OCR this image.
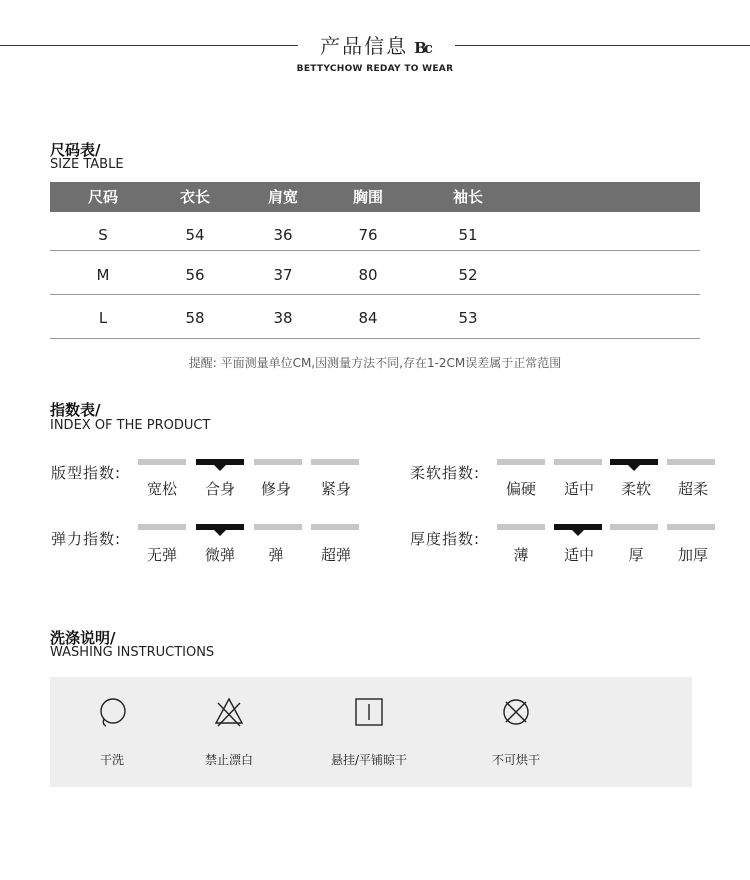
产品信息 Bc
BETTYCHOW REDAY TO WEAR
尺码表/
SIZE TABLE
尺码	衣长	肩宽	胸围	袖长
S	54	36	76	51
M	56	37	80	52
L	58	38	84	53
提醒: 平面测量单位CM,因测量方法不同,存在1-2CM误差属于正常范围
指数表/
INDEX OF THE PRODUCT
版型指数:
宽松	合身	修身	紧身
柔软指数:
偏硬	适中	柔软	超柔
弹力指数:
无弹	微弹	弹	超弹
厚度指数:
薄	适中	厚	加厚
洗涤说明/
WASHING INSTRUCTIONS
干洗	禁止漂白	悬挂/平铺晾干	不可烘干
